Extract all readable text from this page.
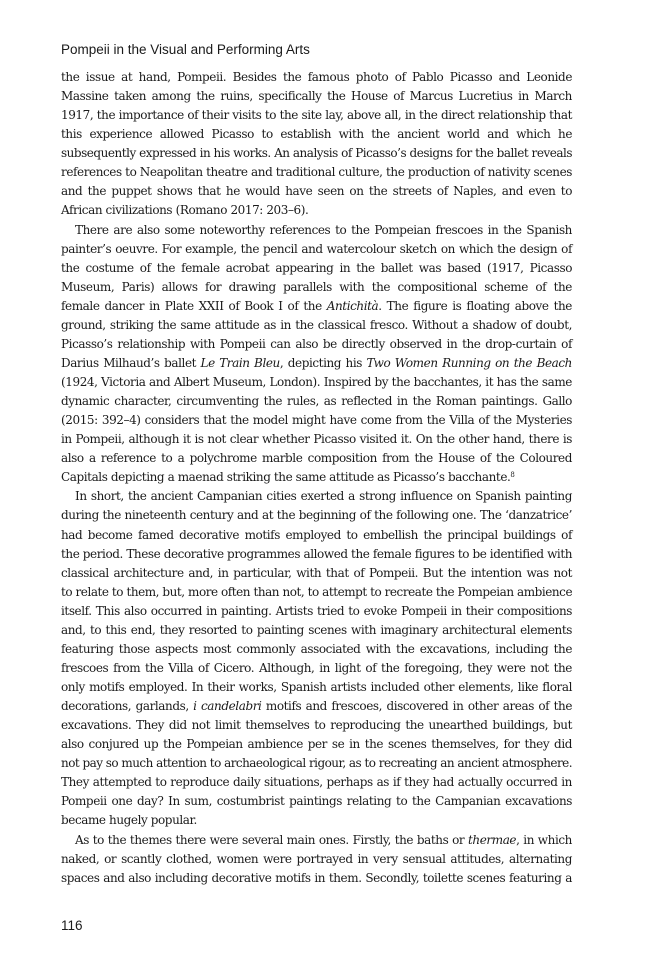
Pompeii in the Visual and Performing Arts

the issue at hand, Pompeii. Besides the famous photo of Pablo Picasso and Leonide
Massine taken among the ruins, specifically the House of Marcus Lucretius in March
1917, the importance of their visits to the site lay, above all, in the direct relationship that
this experience allowed Picasso to establish with the ancient world and which he
subsequently expressed in his works. An analysis of Picasso’s designs for the ballet reveals
references to Neapolitan theatre and traditional culture, the production of nativity scenes
and the puppet shows that he would have seen on the streets of Naples, and even to
African civilizations (Romano 2017: 203–6).

There are also some noteworthy references to the Pompeian frescoes in the Spanish
painter’s oeuvre. For example, the pencil and watercolour sketch on which the design of
the costume of the female acrobat appearing in the ballet was based (1917, Picasso
Museum, Paris) allows for drawing parallels with the compositional scheme of the
female dancer in Plate XXII of Book I of the Antichità. The figure is floating above the
ground, striking the same attitude as in the classical fresco. Without a shadow of doubt,
Picasso’s relationship with Pompeii can also be directly observed in the drop-curtain of
Darius Milhaud’s ballet Le Train Bleu, depicting his Two Women Running on the Beach
(1924, Victoria and Albert Museum, London). Inspired by the bacchantes, it has the same
dynamic character, circumventing the rules, as reflected in the Roman paintings. Gallo
(2015: 392–4) considers that the model might have come from the Villa of the Mysteries
in Pompeii, although it is not clear whether Picasso visited it. On the other hand, there is
also a reference to a polychrome marble composition from the House of the Coloured
Capitals depicting a maenad striking the same attitude as Picasso’s bacchante.$^8$

In short, the ancient Campanian cities exerted a strong influence on Spanish painting
during the nineteenth century and at the beginning of the following one. The ‘danzatrice’
had become famed decorative motifs employed to embellish the principal buildings of
the period. These decorative programmes allowed the female figures to be identified with
classical architecture and, in particular, with that of Pompeii. But the intention was not
to relate to them, but, more often than not, to attempt to recreate the Pompeian ambience
itself. This also occurred in painting. Artists tried to evoke Pompeii in their compositions
and, to this end, they resorted to painting scenes with imaginary architectural elements
featuring those aspects most commonly associated with the excavations, including the
frescoes from the Villa of Cicero. Although, in light of the foregoing, they were not the
only motifs employed. In their works, Spanish artists included other elements, like floral
decorations, garlands, i candelabri motifs and frescoes, discovered in other areas of the
excavations. They did not limit themselves to reproducing the unearthed buildings, but
also conjured up the Pompeian ambience per se in the scenes themselves, for they did
not pay so much attention to archaeological rigour, as to recreating an ancient atmosphere.
They attempted to reproduce daily situations, perhaps as if they had actually occurred in
Pompeii one day? In sum, costumbrist paintings relating to the Campanian excavations
became hugely popular.

As to the themes there were several main ones. Firstly, the baths or thermae, in which
naked, or scantly clothed, women were portrayed in very sensual attitudes, alternating
spaces and also including decorative motifs in them. Secondly, toilette scenes featuring a

116
